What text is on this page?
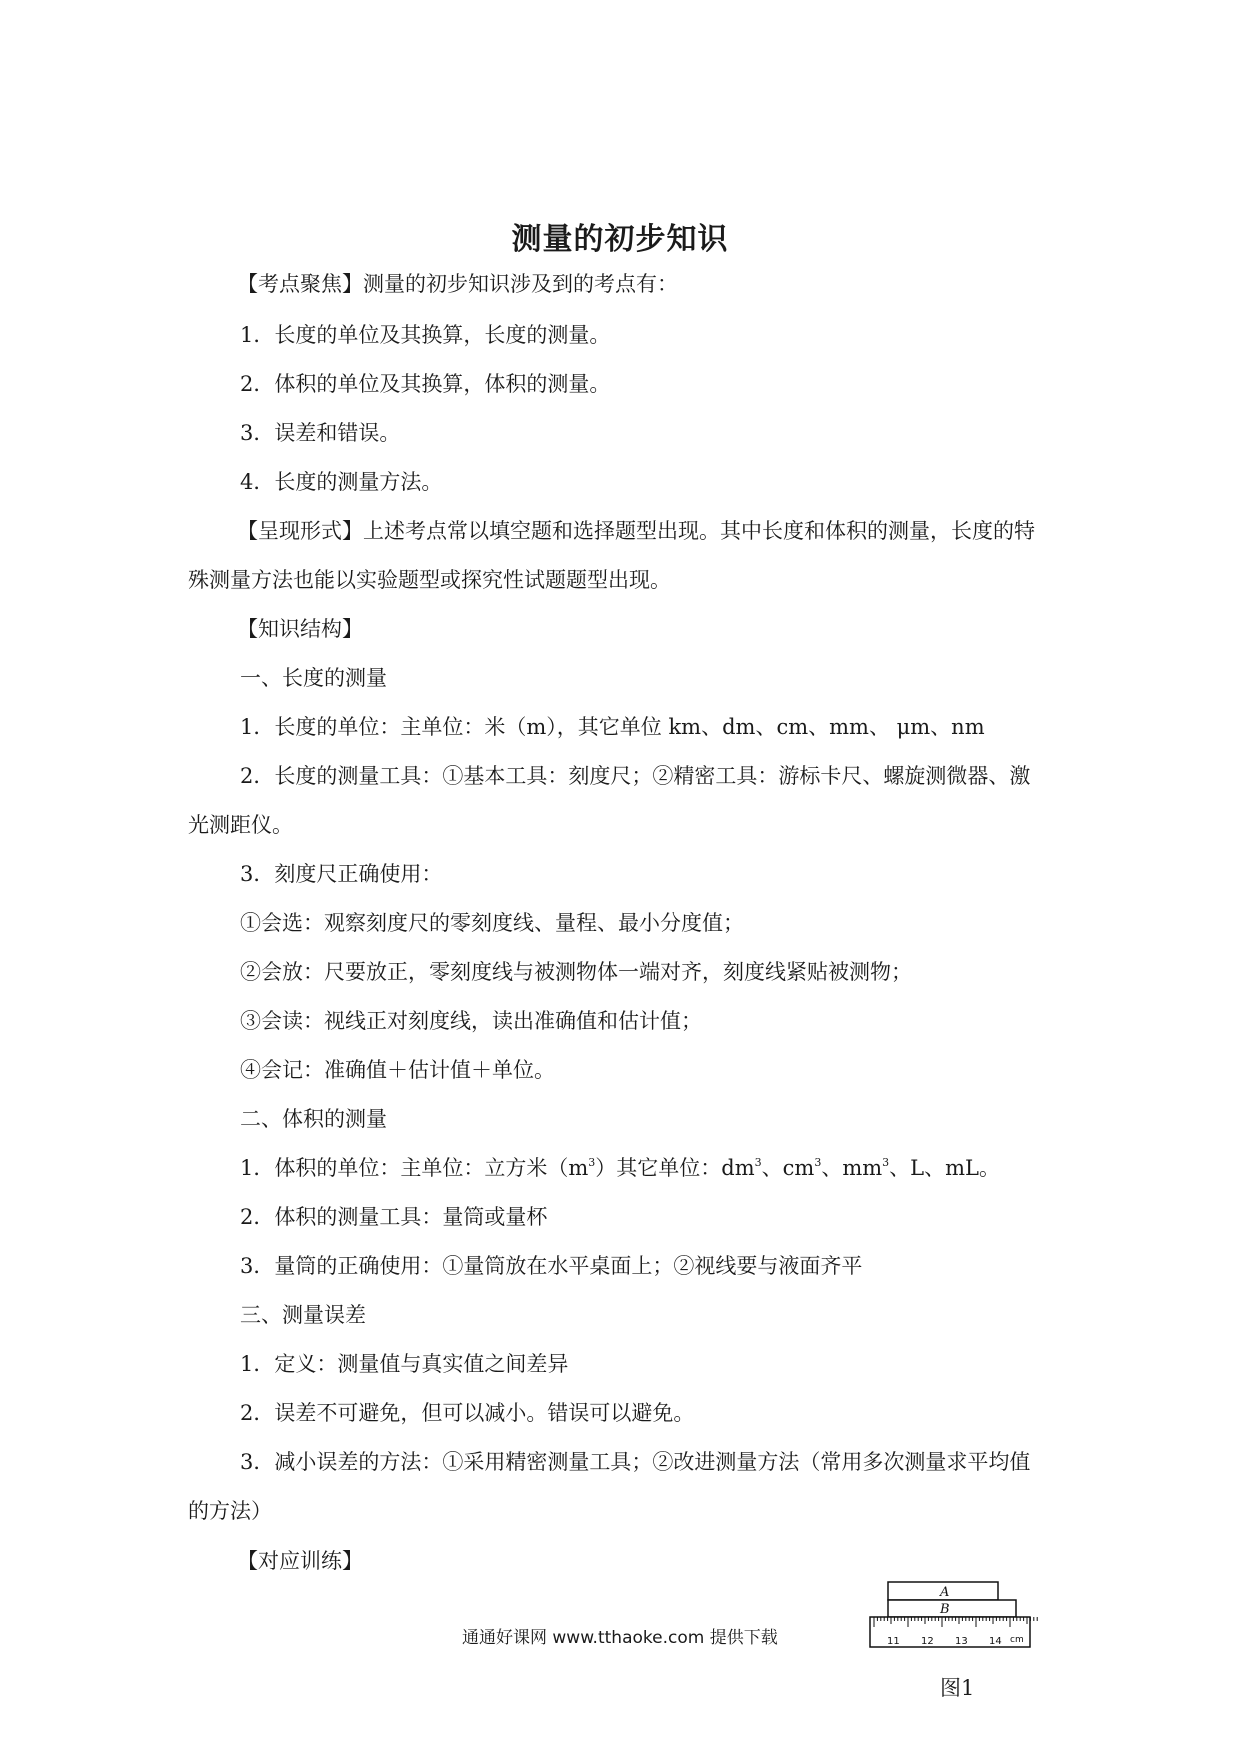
测量的初步知识
【考点聚焦】测量的初步知识涉及到的考点有：
1．长度的单位及其换算，长度的测量。
2．体积的单位及其换算，体积的测量。
3．误差和错误。
4．长度的测量方法。
【呈现形式】上述考点常以填空题和选择题型出现。其中长度和体积的测量，长度的特
殊测量方法也能以实验题型或探究性试题题型出现。
【知识结构】
一、长度的测量
1．长度的单位：主单位：米（m），其它单位 km、dm、cm、mm、 μm、nm
2．长度的测量工具：①基本工具：刻度尺；②精密工具：游标卡尺、螺旋测微器、激
光测距仪。
3．刻度尺正确使用：
①会选：观察刻度尺的零刻度线、量程、最小分度值；
②会放：尺要放正，零刻度线与被测物体一端对齐，刻度线紧贴被测物；
③会读：视线正对刻度线，读出准确值和估计值；
④会记：准确值＋估计值＋单位。
二、体积的测量
1．体积的单位：主单位：立方米$(m^3)$其它单位：$dm^3$、$cm^3$、$mm^3$、L、mL。
2．体积的测量工具：量筒或量杯
3．量筒的正确使用：①量筒放在水平桌面上；②视线要与液面齐平
三、测量误差
1．定义：测量值与真实值之间差异
2．误差不可避免，但可以减小。错误可以避免。
3．减小误差的方法：①采用精密测量工具；②改进测量方法（常用多次测量求平均值
的方法）
【对应训练】
通通好课网 www.tthaoke.com 提供下载
A
B
11 12 13 14 cm
图1
